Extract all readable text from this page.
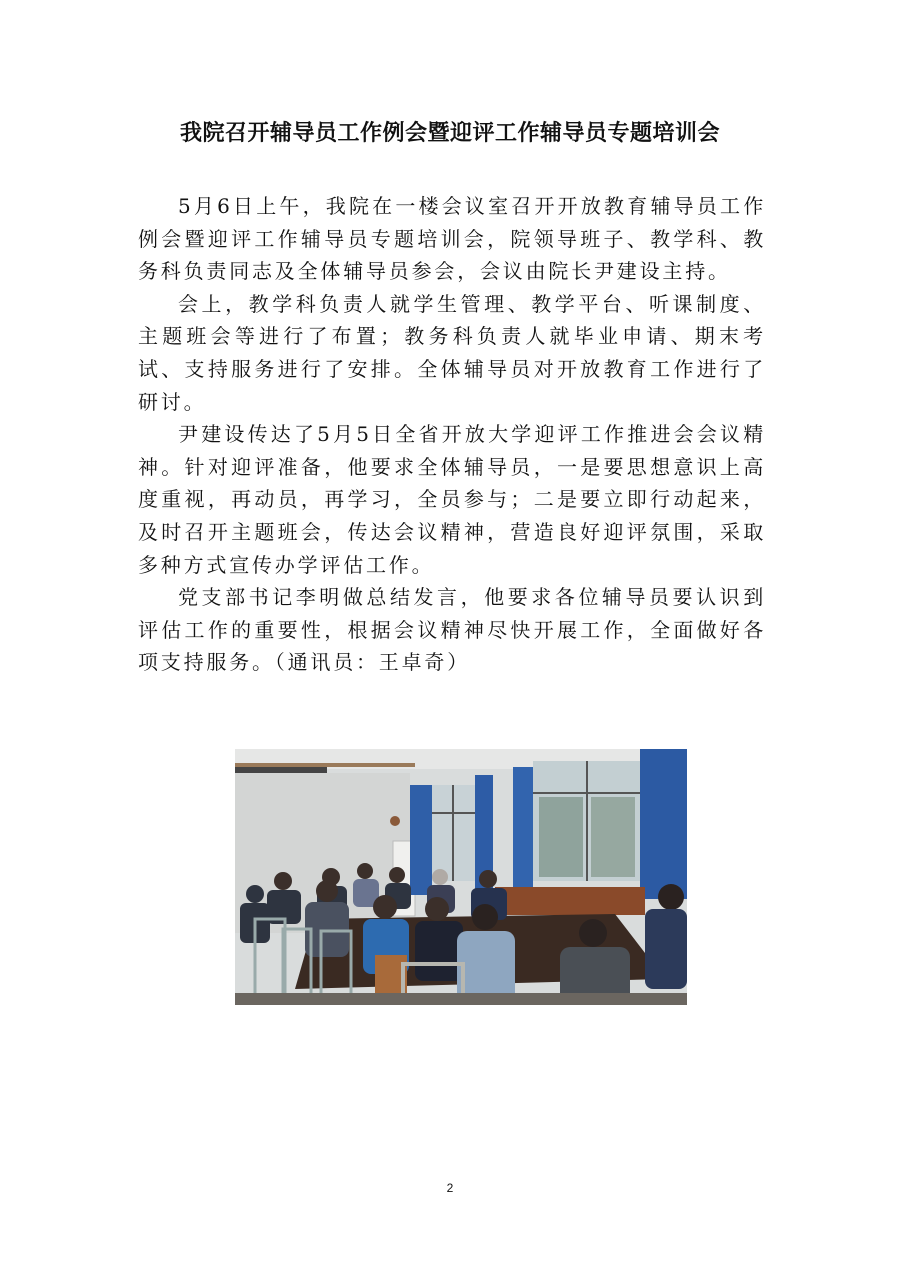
我院召开辅导员工作例会暨迎评工作辅导员专题培训会

5月6日上午，我院在一楼会议室召开开放教育辅导员工作例会暨迎评工作辅导员专题培训会，院领导班子、教学科、教务科负责同志及全体辅导员参会，会议由院长尹建设主持。

会上，教学科负责人就学生管理、教学平台、听课制度、主题班会等进行了布置；教务科负责人就毕业申请、期末考试、支持服务进行了安排。全体辅导员对开放教育工作进行了研讨。

尹建设传达了5月5日全省开放大学迎评工作推进会会议精神。针对迎评准备，他要求全体辅导员，一是要思想意识上高度重视，再动员，再学习，全员参与；二是要立即行动起来，及时召开主题班会，传达会议精神，营造良好迎评氛围，采取多种方式宣传办学评估工作。

党支部书记李明做总结发言，他要求各位辅导员要认识到评估工作的重要性，根据会议精神尽快开展工作，全面做好各项支持服务。（通讯员：王卓奇）

2
